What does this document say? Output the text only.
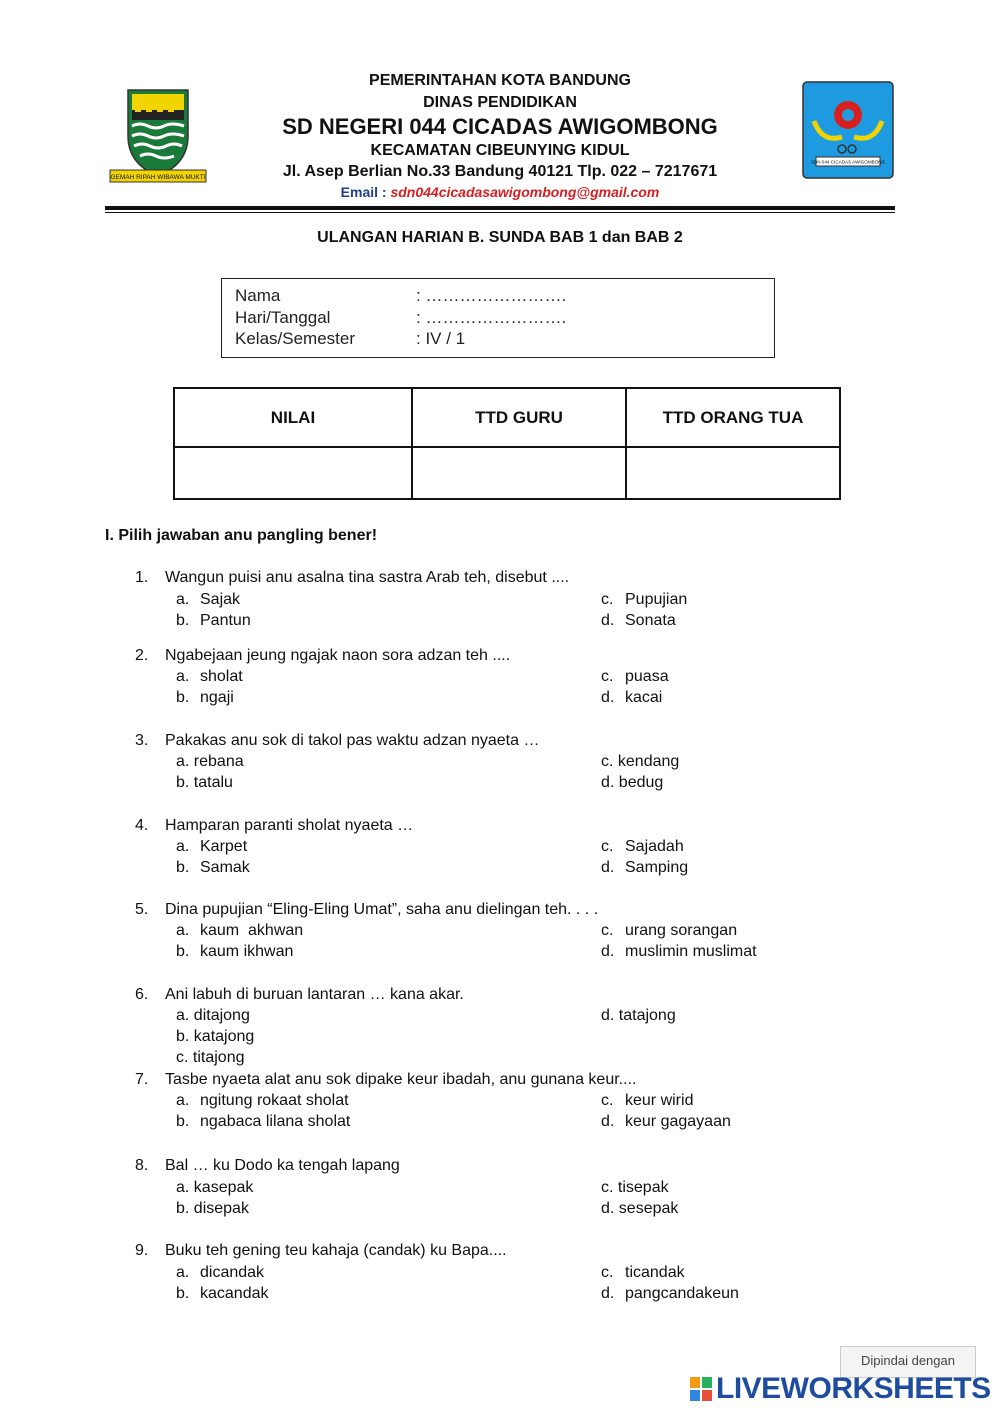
GEMAH RIPAH WIBAWA MUKTI
SDN 044 CICADAS AWIGOMBONG
PEMERINTAHAN KOTA BANDUNG
DINAS PENDIDIKAN
SD NEGERI 044 CICADAS AWIGOMBONG
KECAMATAN CIBEUNYING KIDUL
Jl. Asep Berlian No.33 Bandung 40121 Tlp. 022 – 7217671
Email : sdn044cicadasawigombong@gmail.com
ULANGAN HARIAN B. SUNDA BAB 1 dan BAB 2
Nama	: …………………….
Hari/Tanggal	: …………………….
Kelas/Semester	: IV / 1
NILAI	TTD GURU	TTD ORANG TUA

I. Pilih jawaban anu pangling bener!
1. Wangun puisi anu asalna tina sastra Arab teh, disebut ....
a. Sajak
b. Pantun
c. Pupujian
d. Sonata
2. Ngabejaan jeung ngajak naon sora adzan teh ....
a. sholat
b. ngaji
c. puasa
d. kacai
3. Pakakas anu sok di takol pas waktu adzan nyaeta …
a. rebana
b. tatalu
c. kendang
d. bedug
4. Hamparan paranti sholat nyaeta …
a. Karpet
b. Samak
c. Sajadah
d. Samping
5. Dina pupujian “Eling-Eling Umat”, saha anu dielingan teh. . . .
a. kaum  akhwan
b. kaum ikhwan
c. urang sorangan
d. muslimin muslimat
6. Ani labuh di buruan lantaran … kana akar.
a. ditajong
b. katajong
c. titajong
d. tatajong
7. Tasbe nyaeta alat anu sok dipake keur ibadah, anu gunana keur....
a. ngitung rokaat sholat
b. ngabaca lilana sholat
c. keur wirid
d. keur gagayaan
8. Bal … ku Dodo ka tengah lapang
a. kasepak
b. disepak
c. tisepak
d. sesepak
9. Buku teh gening teu kahaja (candak) ku Bapa....
a. dicandak
b. kacandak
c. ticandak
d. pangcandakeun
Dipindai dengan
LIVEWORKSHEETS
